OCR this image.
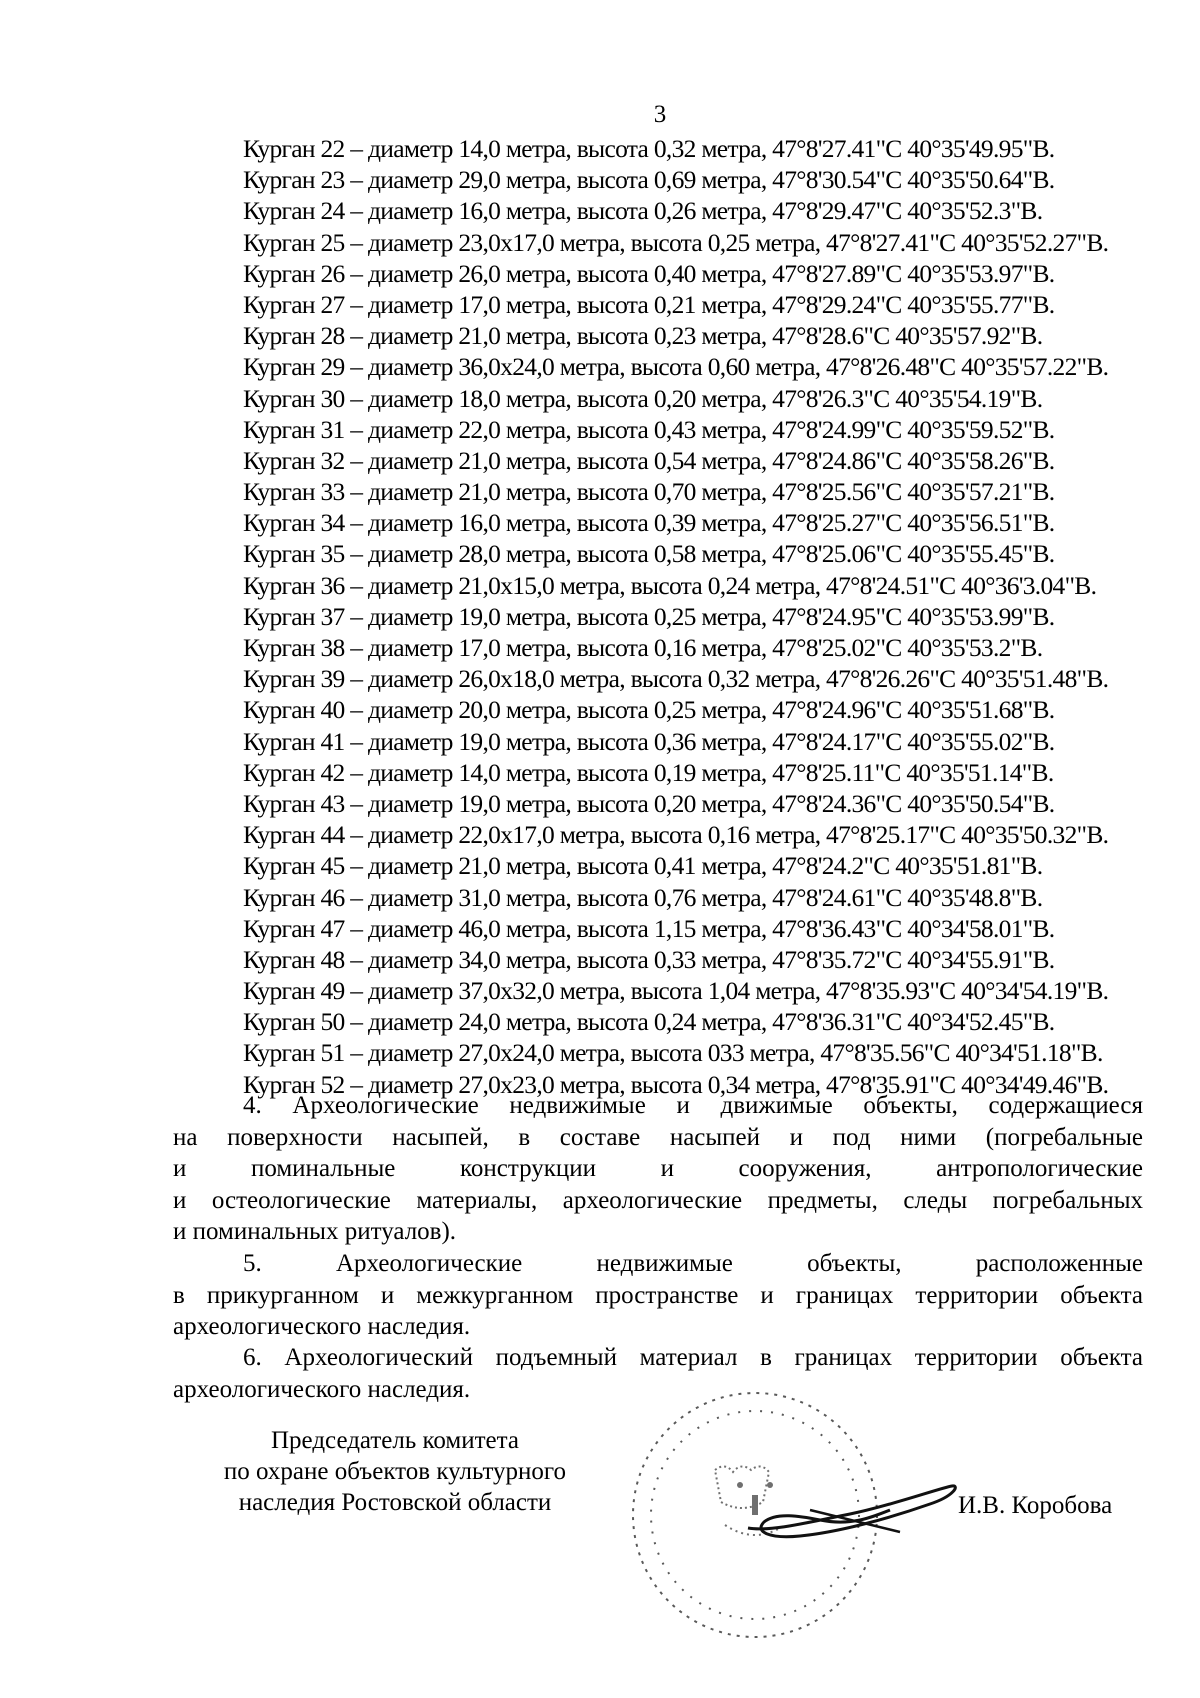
3
Курган 22 – диаметр 14,0 метра, высота 0,32 метра, 47°8'27.41"С 40°35'49.95"В.
Курган 23 – диаметр 29,0 метра, высота 0,69 метра, 47°8'30.54"С 40°35'50.64"В.
Курган 24 – диаметр 16,0 метра, высота 0,26 метра, 47°8'29.47"С 40°35'52.3"В.
Курган 25 – диаметр 23,0х17,0 метра, высота 0,25 метра, 47°8'27.41"С 40°35'52.27"В.
Курган 26 – диаметр 26,0 метра, высота 0,40 метра, 47°8'27.89"С 40°35'53.97"В.
Курган 27 – диаметр 17,0 метра, высота 0,21 метра, 47°8'29.24"С 40°35'55.77"В.
Курган 28 – диаметр 21,0 метра, высота 0,23 метра, 47°8'28.6"С 40°35'57.92"В.
Курган 29 – диаметр 36,0х24,0 метра, высота 0,60 метра, 47°8'26.48"С 40°35'57.22"В.
Курган 30 – диаметр 18,0 метра, высота 0,20 метра, 47°8'26.3"С 40°35'54.19"В.
Курган 31 – диаметр 22,0 метра, высота 0,43 метра, 47°8'24.99"С 40°35'59.52"В.
Курган 32 – диаметр 21,0 метра, высота 0,54 метра, 47°8'24.86"С 40°35'58.26"В.
Курган 33 – диаметр 21,0 метра, высота 0,70 метра, 47°8'25.56"С 40°35'57.21"В.
Курган 34 – диаметр 16,0 метра, высота 0,39 метра, 47°8'25.27"С 40°35'56.51"В.
Курган 35 – диаметр 28,0 метра, высота 0,58 метра, 47°8'25.06"С 40°35'55.45"В.
Курган 36 – диаметр 21,0х15,0 метра, высота 0,24 метра, 47°8'24.51"С 40°36'3.04"В.
Курган 37 – диаметр 19,0 метра, высота 0,25 метра, 47°8'24.95"С 40°35'53.99"В.
Курган 38 – диаметр 17,0 метра, высота 0,16 метра, 47°8'25.02"С 40°35'53.2"В.
Курган 39 – диаметр 26,0х18,0 метра, высота 0,32 метра, 47°8'26.26"С 40°35'51.48"В.
Курган 40 – диаметр 20,0 метра, высота 0,25 метра, 47°8'24.96"С 40°35'51.68"В.
Курган 41 – диаметр 19,0 метра, высота 0,36 метра, 47°8'24.17"С 40°35'55.02"В.
Курган 42 – диаметр 14,0 метра, высота 0,19 метра, 47°8'25.11"С 40°35'51.14"В.
Курган 43 – диаметр 19,0 метра, высота 0,20 метра, 47°8'24.36"С 40°35'50.54"В.
Курган 44 – диаметр 22,0х17,0 метра, высота 0,16 метра, 47°8'25.17"С 40°35'50.32"В.
Курган 45 – диаметр 21,0 метра, высота 0,41 метра, 47°8'24.2"С 40°35'51.81"В.
Курган 46 – диаметр 31,0 метра, высота 0,76 метра, 47°8'24.61"С 40°35'48.8"В.
Курган 47 – диаметр 46,0 метра, высота 1,15 метра, 47°8'36.43"С 40°34'58.01"В.
Курган 48 – диаметр 34,0 метра, высота 0,33 метра, 47°8'35.72"С 40°34'55.91"В.
Курган 49 – диаметр 37,0х32,0 метра, высота 1,04 метра, 47°8'35.93"С 40°34'54.19"В.
Курган 50 – диаметр 24,0 метра, высота 0,24 метра, 47°8'36.31"С 40°34'52.45"В.
Курган 51 – диаметр 27,0х24,0 метра, высота 033 метра, 47°8'35.56"С 40°34'51.18"В.
Курган 52 – диаметр 27,0х23,0 метра, высота 0,34 метра, 47°8'35.91"С 40°34'49.46"В.
4. Археологические недвижимые и движимые объекты, содержащиеся
на поверхности насыпей, в составе насыпей и под ними (погребальные
и поминальные конструкции и сооружения, антропологические
и остеологические материалы, археологические предметы, следы погребальных
и поминальных ритуалов).
5. Археологические недвижимые объекты, расположенные
в прикурганном и межкурганном пространстве и границах территории объекта
археологического наследия.
6. Археологический подъемный материал в границах территории объекта
археологического наследия.
Председатель комитета
по охране объектов культурного
наследия Ростовской области	И.В. Коробова
